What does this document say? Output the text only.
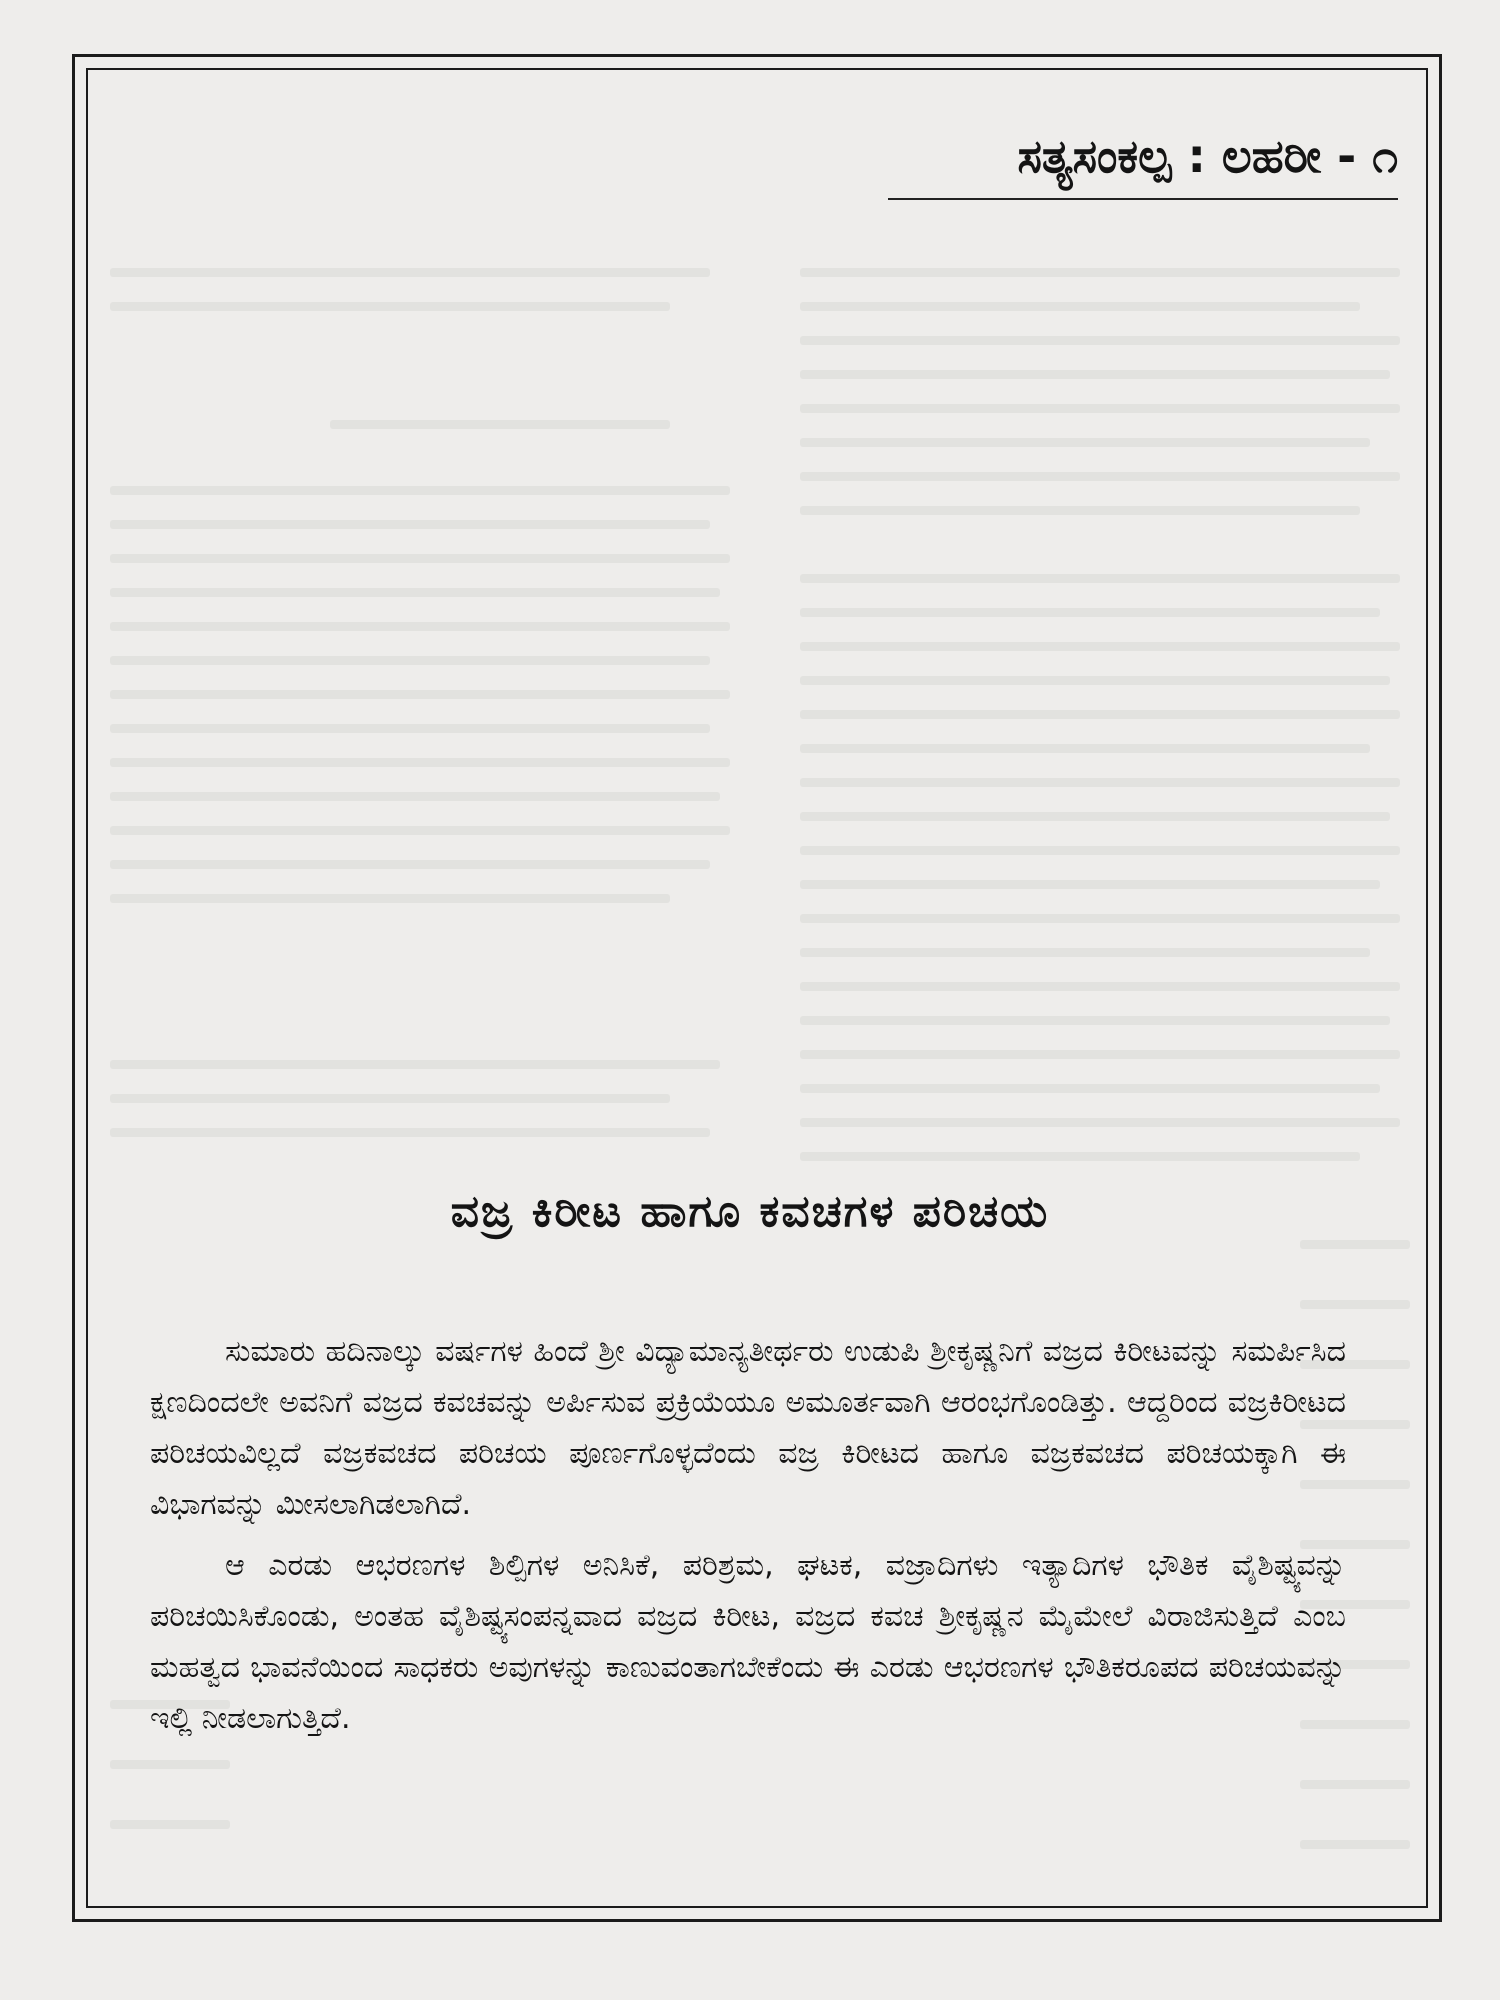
ಸತ್ಯಸಂಕಲ್ಪ : ಲಹರೀ - ೧
ವಜ್ರ ಕಿರೀಟ ಹಾಗೂ ಕವಚಗಳ ಪರಿಚಯ

ಸುಮಾರು ಹದಿನಾಲ್ಕು ವರ್ಷಗಳ ಹಿಂದೆ ಶ್ರೀ ವಿದ್ಯಾಮಾನ್ಯತೀರ್ಥರು ಉಡುಪಿ ಶ್ರೀಕೃಷ್ಣನಿಗೆ ವಜ್ರದ ಕಿರೀಟವನ್ನು ಸಮರ್ಪಿಸಿದ ಕ್ಷಣದಿಂದಲೇ ಅವನಿಗೆ ವಜ್ರದ ಕವಚವನ್ನು ಅರ್ಪಿಸುವ ಪ್ರಕ್ರಿಯೆಯೂ ಅಮೂರ್ತವಾಗಿ ಆರಂಭಗೊಂಡಿತ್ತು. ಆದ್ದರಿಂದ ವಜ್ರಕಿರೀಟದ ಪರಿಚಯವಿಲ್ಲದೆ ವಜ್ರಕವಚದ ಪರಿಚಯ ಪೂರ್ಣಗೊಳ್ಳದೆಂದು ವಜ್ರ ಕಿರೀಟದ ಹಾಗೂ ವಜ್ರಕವಚದ ಪರಿಚಯಕ್ಕಾಗಿ ಈ ವಿಭಾಗವನ್ನು ಮೀಸಲಾಗಿಡಲಾಗಿದೆ.

ಆ ಎರಡು ಆಭರಣಗಳ ಶಿಲ್ಪಿಗಳ ಅನಿಸಿಕೆ, ಪರಿಶ್ರಮ, ಘಟಕ, ವಜ್ರಾದಿಗಳು ಇತ್ಯಾದಿಗಳ ಭೌತಿಕ ವೈಶಿಷ್ಟ್ಯವನ್ನು ಪರಿಚಯಿಸಿಕೊಂಡು, ಅಂತಹ ವೈಶಿಷ್ಟ್ಯಸಂಪನ್ನವಾದ ವಜ್ರದ ಕಿರೀಟ, ವಜ್ರದ ಕವಚ ಶ್ರೀಕೃಷ್ಣನ ಮೈಮೇಲೆ ವಿರಾಜಿಸುತ್ತಿದೆ ಎಂಬ ಮಹತ್ವದ ಭಾವನೆಯಿಂದ ಸಾಧಕರು ಅವುಗಳನ್ನು ಕಾಣುವಂತಾಗಬೇಕೆಂದು ಈ ಎರಡು ಆಭರಣಗಳ ಭೌತಿಕರೂಪದ ಪರಿಚಯವನ್ನು ಇಲ್ಲಿ ನೀಡಲಾಗುತ್ತಿದೆ.
